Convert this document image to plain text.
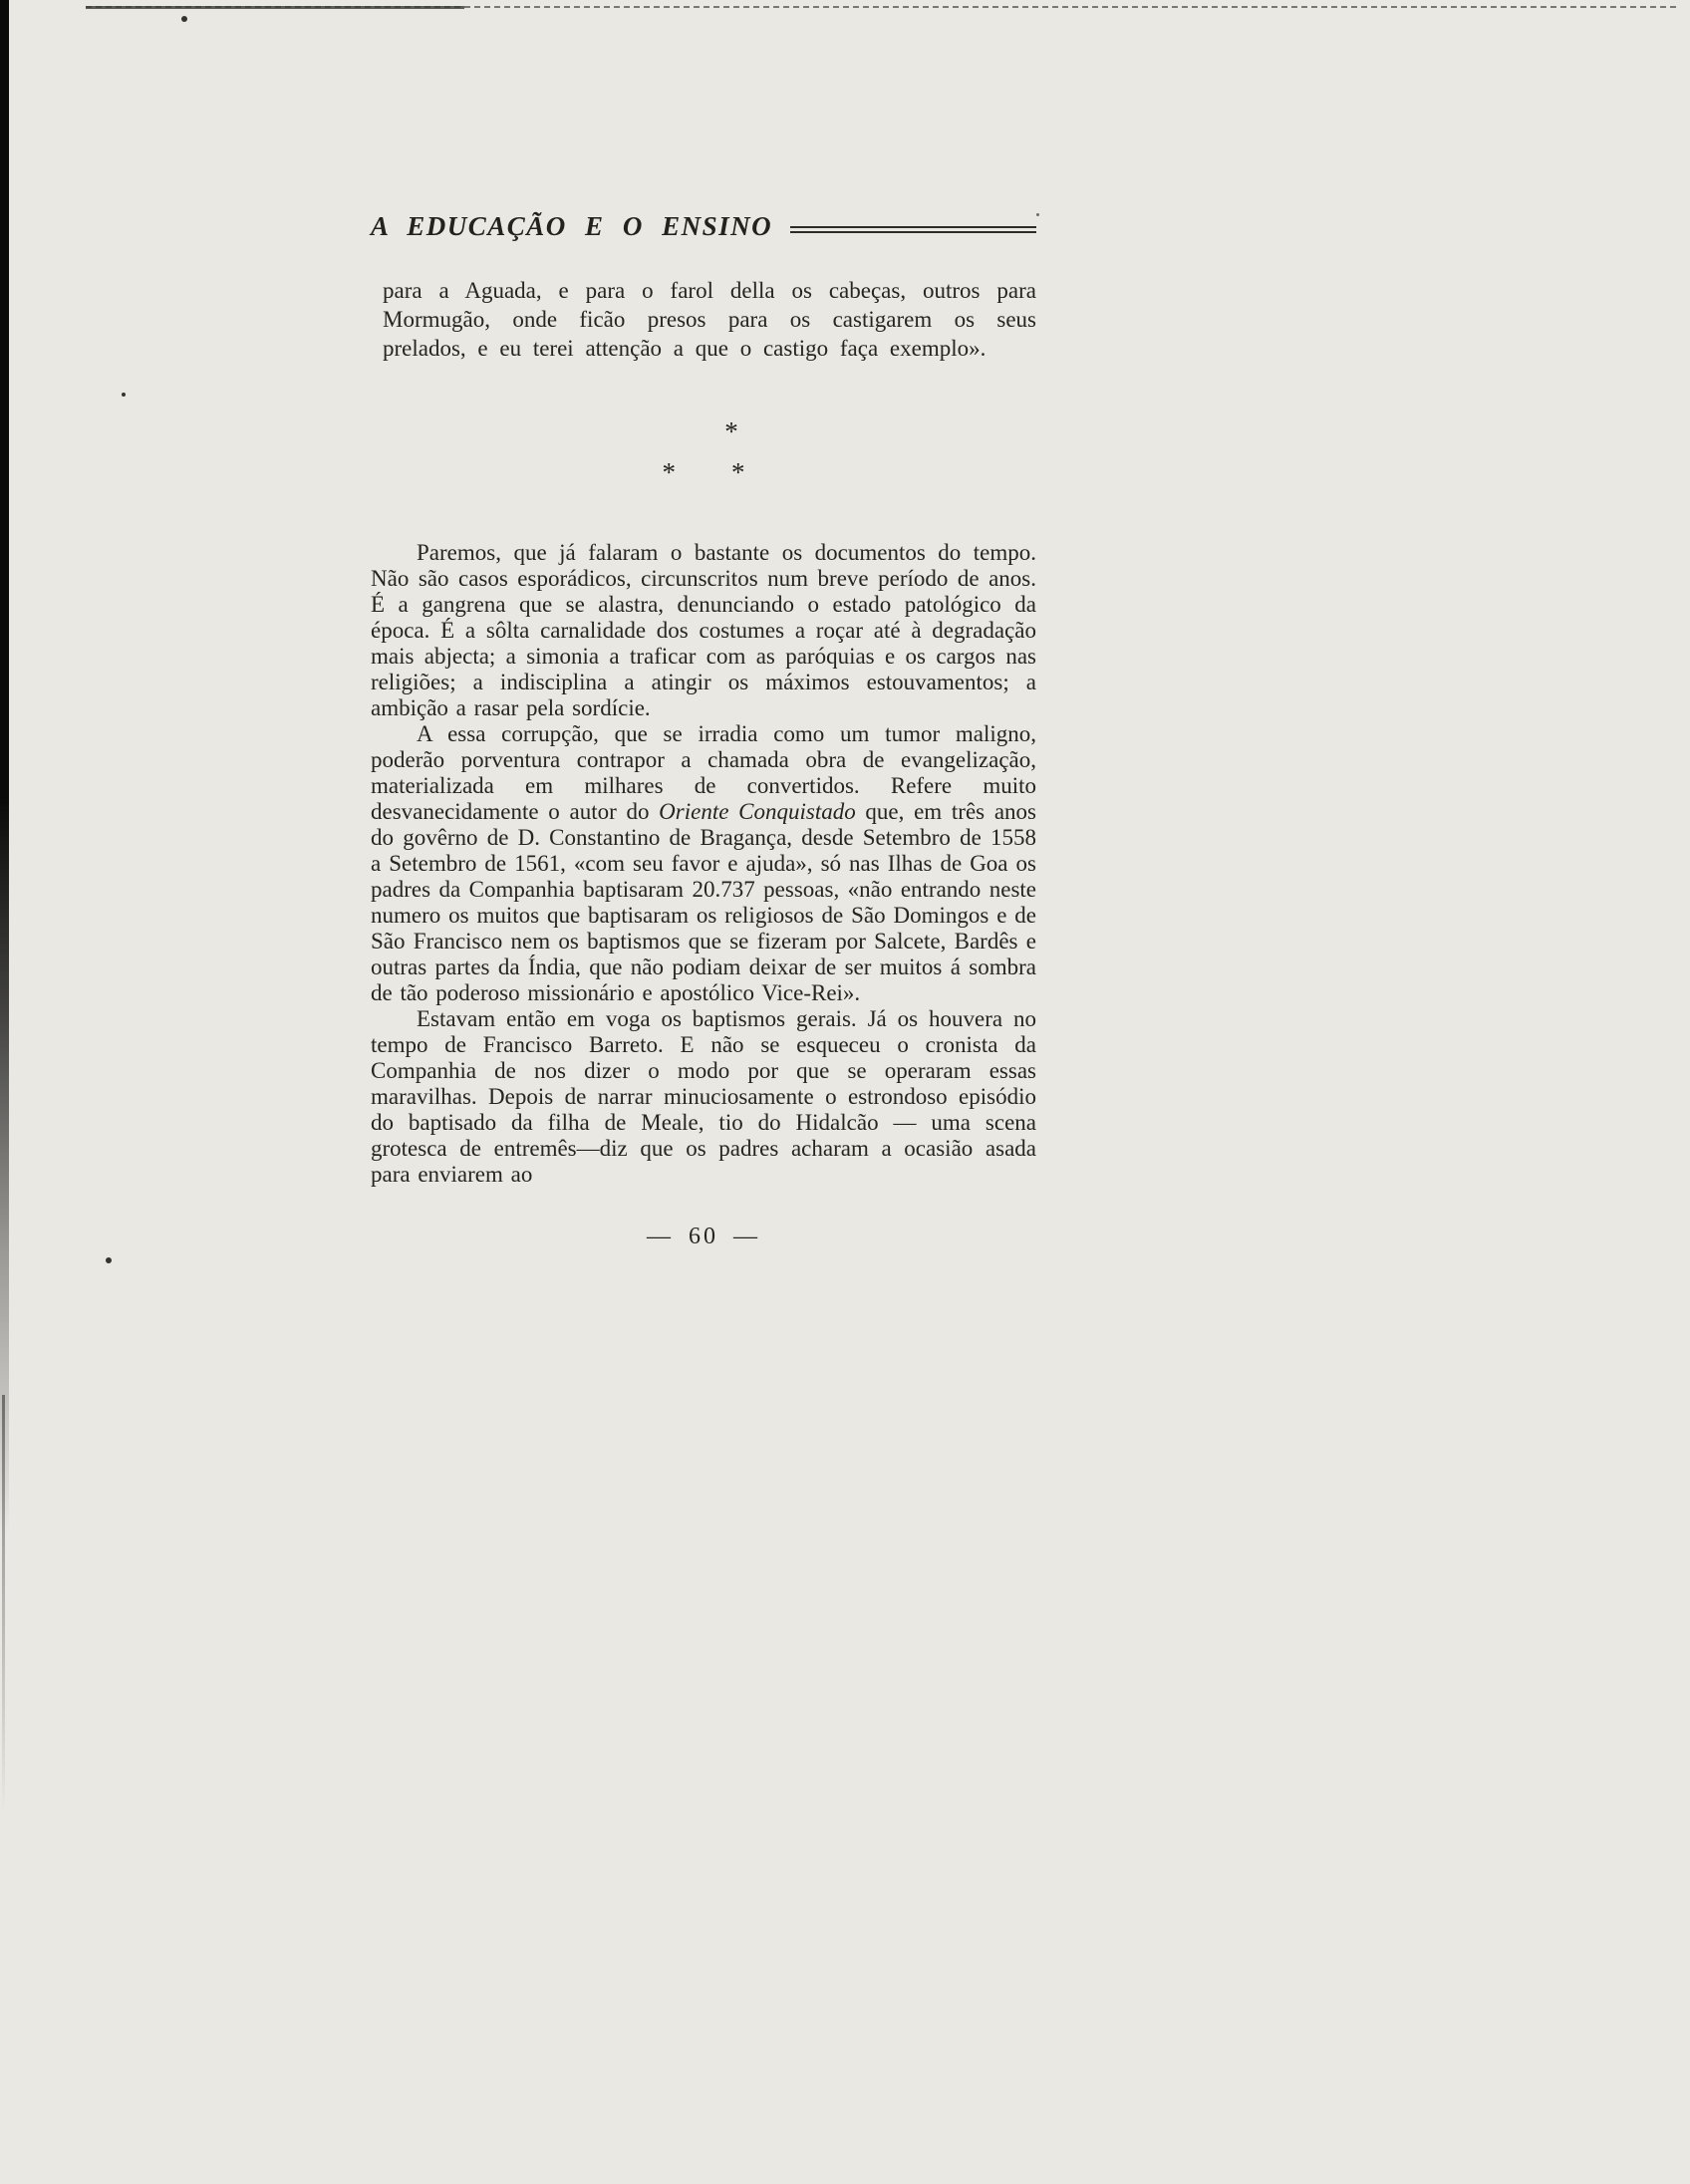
A EDUCAÇÃO E O ENSINO

para a Aguada, e para o farol della os cabeças, outros para Mormugão, onde ficão presos para os castigarem os seus prelados, e eu terei attenção a que o castigo faça exemplo».

*
* *

Paremos, que já falaram o bastante os documentos do tempo. Não são casos esporádicos, circunscritos num breve período de anos. É a gangrena que se alastra, denunciando o estado patológico da época. É a sôlta carnalidade dos costumes a roçar até à degradação mais abjecta; a simonia a traficar com as paróquias e os cargos nas religiões; a indisciplina a atingir os máximos estouvamentos; a ambição a rasar pela sordície.

A essa corrupção, que se irradia como um tumor maligno, poderão porventura contrapor a chamada obra de evangelização, materializada em milhares de convertidos. Refere muito desvanecidamente o autor do Oriente Conquistado que, em três anos do govêrno de D. Constantino de Bragança, desde Setembro de 1558 a Setembro de 1561, «com seu favor e ajuda», só nas Ilhas de Goa os padres da Companhia baptisaram 20.737 pessoas, «não entrando neste numero os muitos que baptisaram os religiosos de São Domingos e de São Francisco nem os baptismos que se fizeram por Salcete, Bardês e outras partes da Índia, que não podiam deixar de ser muitos á sombra de tão poderoso missionário e apostólico Vice-Rei».

Estavam então em voga os baptismos gerais. Já os houvera no tempo de Francisco Barreto. E não se esqueceu o cronista da Companhia de nos dizer o modo por que se operaram essas maravilhas. Depois de narrar minuciosamente o estrondoso episódio do baptisado da filha de Meale, tio do Hidalcão — uma scena grotesca de entremês—diz que os padres acharam a ocasião asada para enviarem ao

— 60 —
